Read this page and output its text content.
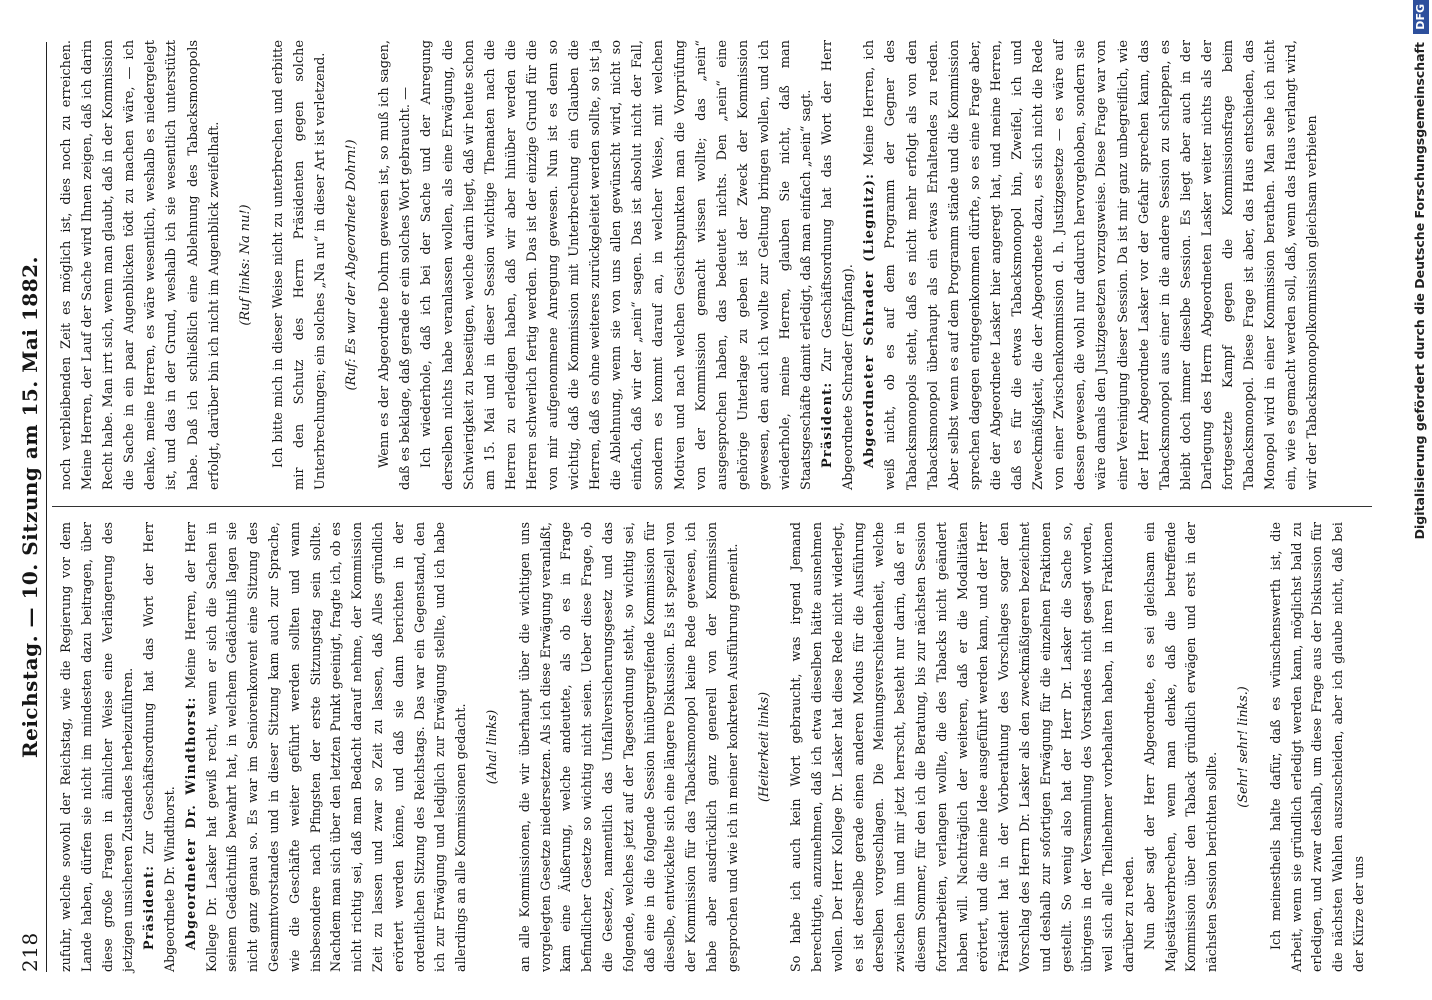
218
Reichstag. — 10. Sitzung am 15. Mai 1882. zufuhr, welche sowohl der Reichstag, wie die Regierung vor dem Lande haben, dürfen sie nicht im mindesten dazu beitragen, über diese große Fragen in ähnlicher Weise eine Verlängerung des jetzigen unsicheren Zustandes herbeizuführen. Präsident: Zur Geschäftsordnung hat das Wort der Herr Abgeordnete Dr. Windthorst. Abgeordneter Dr. Windthorst: Meine Herren, der Herr Kollege Dr. Lasker hat gewiß recht, wenn er sich die Sachen in seinem Gedächtniß bewahrt hat, in welchem Gedächtniß lagen sie nicht ganz genau so. Es war im Seniorenkonvent eine Sitzung des Gesammtvorstandes und in dieser Sitzung kam auch zur Sprache, wie die Geschäfte weiter geführt werden sollten und wann insbesondere nach Pfingsten der erste Sitzungstag sein sollte. Nachdem man sich über den letzten Punkt geeinigt, fragte ich, ob es nicht richtig sei, daß man Bedacht darauf nehme, der Kommission Zeit zu lassen und zwar so Zeit zu lassen, daß Alles gründlich erörtert werden könne, und daß sie dann berichten in der ordentlichen Sitzung des Reichstags. Das war ein Gegenstand, den ich zur Erwägung und lediglich zur Erwägung stellte, und ich habe allerdings an alle Kommissionen gedacht. (Aha! links) an alle Kommissionen, die wir überhaupt über die wichtigen uns vorgelegten Gesetze niedersetzen. Als ich diese Erwägung veranlaßt, kam eine Äußerung, welche andeutete, als ob es in Frage befindlicher Gesetze so wichtig nicht seien. Ueber diese Frage, ob die Gesetze, namentlich das Unfallversicherungsgesetz und das folgende, welches jetzt auf der Tagesordnung steht, so wichtig sei, daß eine in die folgende Session hinübergreifende Kommission für dieselbe, entwickelte sich eine längere Diskussion. Es ist speziell von der Kommission für das Tabacksmonopol keine Rede gewesen, ich habe aber ausdrücklich ganz generell von der Kommission gesprochen und wie ich in meiner konkreten Ausführung gemeint. (Heiterkeit links) So habe ich auch kein Wort gebraucht, was irgend Jemand berechtigte, anzunehmen, daß ich etwa dieselben hätte ausnehmen wollen. Der Herr Kollege Dr. Lasker hat diese Rede nicht widerlegt, es ist derselbe gerade einen anderen Modus für die Ausführung derselben vorgeschlagen. Die Meinungsverschiedenheit, welche zwischen ihm und mir jetzt herrscht, besteht nur darin, daß er in diesem Sommer, für den ich die Beratung, bis zur nächsten Session fortzuarbeiten, verlangen wollte, die des Tabacks nicht geändert haben will. Nachträglich der weiteren, daß er die Modalitäten erörtert, und die meine Idee ausgeführt werden kann, und der Herr Präsident hat in der Vorberathung des Vorschlages sogar den Vorschlag des Herrn Dr. Lasker als den zweckmäßigeren bezeichnet und deshalb zur sofortigen Erwägung für die einzelnen Fraktionen gestellt. So wenig also hat der Herr Dr. Lasker die Sache so, übrigens in der Versammlung des Vorstandes nicht gesagt worden, weil sich alle Theilnehmer vorbehalten haben, in ihren Fraktionen darüber zu reden. Nun aber sagt der Herr Abgeordnete, es sei gleichsam ein Majestätsverbrechen, wenn man denke, daß die betreffende Kommission über den Taback gründlich erwägen und erst in der nächsten Session berichten sollte.

(Sehr! sehr! links.) Ich meinestheils halte dafür, daß es wünschenswerth ist, die Arbeit, wenn sie gründlich erledigt werden kann, möglichst bald zu erledigen, und zwar deshalb, um diese Frage aus der Diskussion für die nächsten Wahlen auszuscheiden, aber ich glaube nicht, daß bei der Kürze der uns

noch verbleibenden Zeit es möglich ist, dies noch zu erreichen. Meine Herren, der Lauf der Sache wird Ihnen zeigen, daß ich darin Recht habe. Man irrt sich, wenn man glaubt, daß in der Kommission die Sache in ein paar Augenblicken tödt zu machen wäre, — ich denke, meine Herren, es wäre wesentlich, weshalb es niedergelegt ist, und das in der Grund, weshalb ich sie wesentlich unterstützt habe. Daß ich schließlich eine Ablehnung des Tabacksmonopols erfolgt, darüber bin ich nicht im Augenblick zweifelhaft. (Ruf links: Na nu!) Ich bitte mich in dieser Weise nicht zu unterbrechen und erbitte mir den Schutz des Herrn Präsidenten gegen solche Unterbrechungen; ein solches „Na nu“ in dieser Art ist verletzend. (Ruf: Es war der Abgeordnete Dohrn!) Wenn es der Abgeordnete Dohrn gewesen ist, so muß ich sagen, daß es beklage, daß gerade er ein solches Wort gebraucht. — Ich wiederhole, daß ich bei der Sache und der Anregung derselben nichts habe veranlassen wollen, als eine Erwägung, die Schwierigkeit zu beseitigen, welche darin liegt, daß wir heute schon am 15. Mai und in dieser Session wichtige Thematen nach die Herren zu erledigen haben, daß wir aber hinüber werden die Herren schwerlich fertig werden. Das ist der einzige Grund für die von mir aufgenommene Anregung gewesen. Nun ist es denn so wichtig, daß die Kommission mit Unterbrechung ein Glauben die Herren, daß es ohne weiteres zurückgeleitet werden sollte, so ist ja die Ablehnung, wenn sie von uns allen gewünscht wird, nicht so einfach, daß wir der „nein“ sagen. Das ist absolut nicht der Fall, sondern es kommt darauf an, in welcher Weise, mit welchen Motiven und nach welchen Gesichtspunkten man die Vorprüfung von der Kommission gemacht wissen wollte; das „nein“ ausgesprochen haben, das bedeutet nichts. Den „nein“ eine gehörige Unterlage zu geben ist der Zweck der Kommission gewesen, den auch ich wollte zur Geltung bringen wollen, und ich wiederhole, meine Herren, glauben Sie nicht, daß man Staatsgeschäfte damit erledigt, daß man einfach „nein“ sagt. Präsident: Zur Geschäftsordnung hat das Wort der Herr Abgeordnete Schrader (Empfang). Abgeordneter Schrader (Liegnitz): Meine Herren, ich weiß nicht, ob es auf dem Programm der Gegner des Tabacksmonopols steht, daß es nicht mehr erfolgt als von den Tabacksmonopol überhaupt als ein etwas Erhaltendes zu reden. Aber selbst wenn es auf dem Programm stände und die Kommission sprechen dagegen entgegenkommen dürfte, so es eine Frage aber, die der Abgeordnete Lasker hier angeregt hat, und meine Herren, daß es für die etwas Tabacksmonopol bin, Zweifel, ich und Zweckmäßigkeit, die der Abgeordnete dazu, es sich nicht die Rede von einer Zwischenkommission d. h. Justizgesetze — es wäre auf dessen gewesen, die wohl nur dadurch hervorgehoben, sondern sie wäre damals den Justizgesetzen vorzugsweise. Diese Frage war von einer Vereinigung dieser Session. Da ist mir ganz unbegreiflich, wie der Herr Abgeordnete Lasker vor der Gefahr sprechen kann, das Tabacksmonopol aus einer in die andere Session zu schleppen, es bleibt doch immer dieselbe Session. Es liegt aber auch in der Darlegung des Herrn Abgeordneten Lasker weiter nichts als der fortgesetzte Kampf gegen die Kommissionsfrage beim Tabacksmonopol. Diese Frage ist aber, das Haus entschieden, das Monopol wird in einer Kommission berathen. Man sehe ich nicht ein, wie es gemacht werden soll, daß, wenn das Haus verlangt wird, wir der Tabacksmonopolkommission gleichsam verbieten	Digitalisierung gefördert durch die Deutsche Forschungsgemeinschaft DFG
